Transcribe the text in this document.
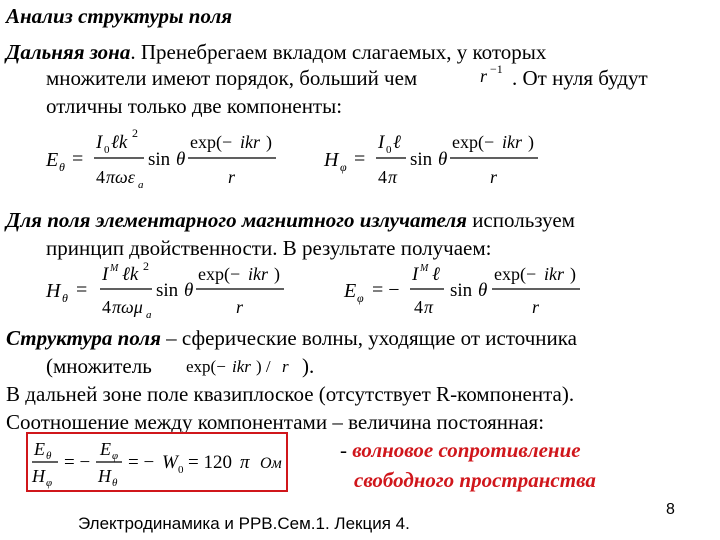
Анализ структуры поля
Дальняя зона. Пренебрегаем вкладом слагаемых, у которых
множители имеют порядок, больший чем	r −1 . От нуля будут
отличны только две компоненты:
E θ =
I 0 ℓk 2
4 πωε a
sin θ
exp(− ikr )
r
H φ =
I 0 ℓ
4 π
sin θ
exp(− ikr )
r
Для поля элементарного магнитного излучателя используем
принцип двойственности. В результате получаем:
H θ =
I M ℓk 2
4 πωμ a
sin θ
exp(− ikr )
r
E φ = −
I M ℓ
4 π
sin θ
exp(− ikr )
r
Структура поля – сферические волны, уходящие от источника
(множитель exp(− ikr ) / r ).
В дальней зоне поле квазиплоское (отсутствует R-компонента).
Соотношение между компонентами – величина постоянная:
E θ
H φ
= −
E φ
H θ
= − W 0 = 120 π Ом
- волновое сопротивление
свободного пространства
Электродинамика и РРВ.Сем.1. Лекция 4.
8
